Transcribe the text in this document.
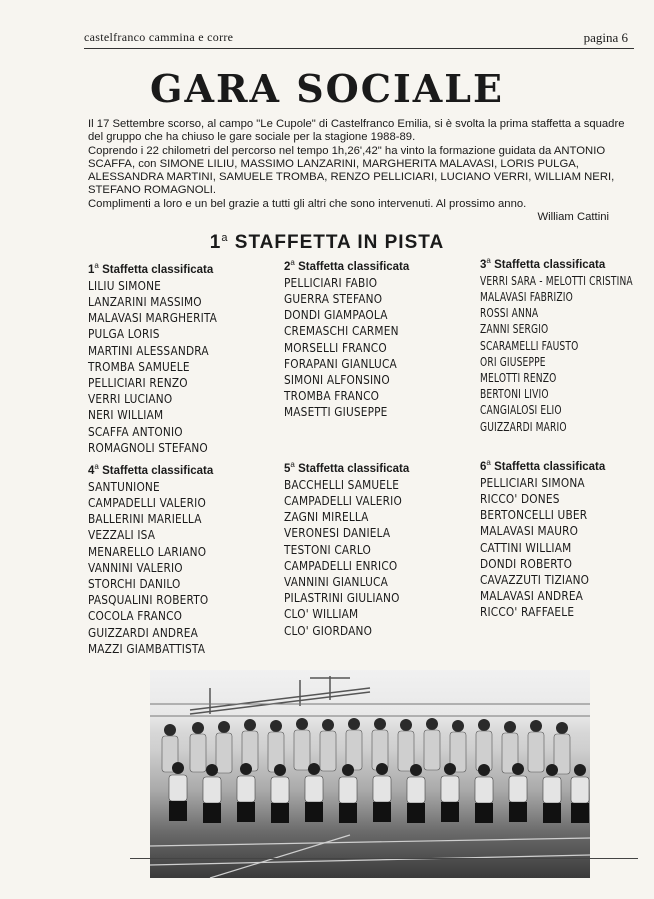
castelfranco cammina e corre	pagina 6
GARA SOCIALE

Il 17 Settembre scorso, al campo "Le Cupole" di Castelfranco Emilia, si è svolta la prima staffetta a squadre del gruppo che ha chiuso le gare sociale per la stagione 1988-89.

Coprendo i 22 chilometri del percorso nel tempo 1h,26',42" ha vinto la formazione guidata da ANTONIO SCAFFA, con SIMONE LILIU, MASSIMO LANZARINI, MARGHERITA MALAVASI, LORIS PULGA, ALESSANDRA MARTINI, SAMUELE TROMBA, RENZO PELLICIARI, LUCIANO VERRI, WILLIAM NERI, STEFANO ROMAGNOLI.

Complimenti a loro e un bel grazie a tutti gli altri che sono intervenuti. Al prossimo anno.

William Cattini

1$^a$ STAFFETTA IN PISTA
1$^a$ Staffetta classificata
LILIU SIMONE
LANZARINI MASSIMO
MALAVASI MARGHERITA
PULGA LORIS
MARTINI ALESSANDRA
TROMBA SAMUELE
PELLICIARI RENZO
VERRI LUCIANO
NERI WILLIAM
SCAFFA ANTONIO
ROMAGNOLI STEFANO
2$^a$ Staffetta classificata
PELLICIARI FABIO
GUERRA STEFANO
DONDI GIAMPAOLA
CREMASCHI CARMEN
MORSELLI FRANCO
FORAPANI GIANLUCA
SIMONI ALFONSINO
TROMBA FRANCO
MASETTI GIUSEPPE
3$^a$ Staffetta classificata
VERRI SARA - MELOTTI CRISTINA
MALAVASI FABRIZIO
ROSSI ANNA
ZANNI SERGIO
SCARAMELLI FAUSTO
ORI GIUSEPPE
MELOTTI RENZO
BERTONI LIVIO
CANGIALOSI ELIO
GUIZZARDI MARIO
4$^a$ Staffetta classificata
SANTUNIONE
CAMPADELLI VALERIO
BALLERINI MARIELLA
VEZZALI ISA
MENARELLO LARIANO
VANNINI VALERIO
STORCHI DANILO
PASQUALINI ROBERTO
COCOLA FRANCO
GUIZZARDI ANDREA
MAZZI GIAMBATTISTA
5$^a$ Staffetta classificata
BACCHELLI SAMUELE
CAMPADELLI VALERIO
ZAGNI MIRELLA
VERONESI DANIELA
TESTONI CARLO
CAMPADELLI ENRICO
VANNINI GIANLUCA
PILASTRINI GIULIANO
CLO' WILLIAM
CLO' GIORDANO
6$^a$ Staffetta classificata
PELLICIARI SIMONA
RICCO' DONES
BERTONCELLI UBER
MALAVASI MAURO
CATTINI WILLIAM
DONDI ROBERTO
CAVAZZUTI TIZIANO
MALAVASI ANDREA
RICCO' RAFFAELE
